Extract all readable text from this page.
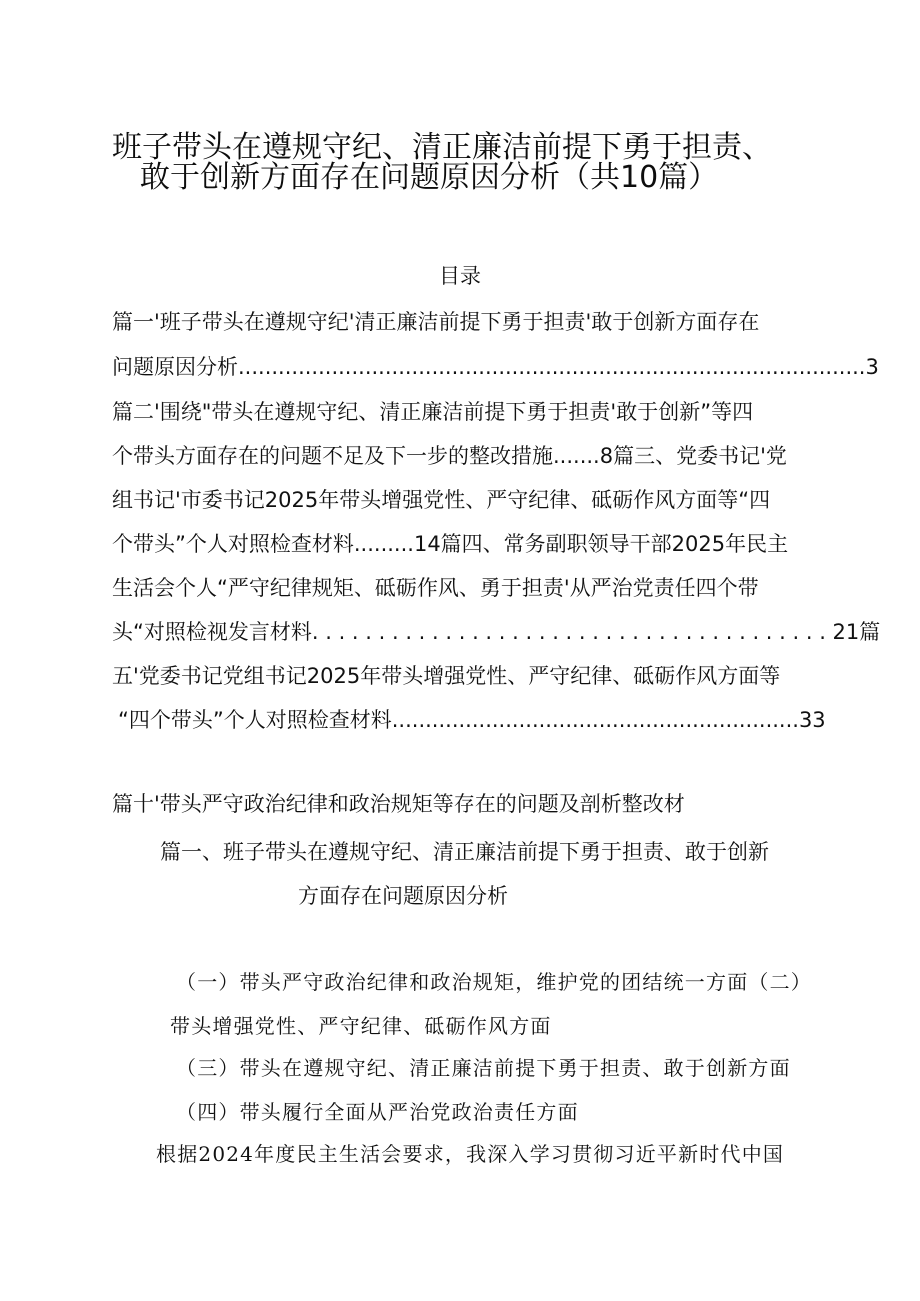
班子带头在遵规守纪、清正廉洁前提下勇于担责、
敢于创新方面存在问题原因分析（共10篇）
目录
篇一'班子带头在遵规守纪'清正廉洁前提下勇于担责'敢于创新方面存在
问题原因分析..............................................................................................3
篇二'围绕"带头在遵规守纪、清正廉洁前提下勇于担责'敢于创新”等四
个带头方面存在的问题不足及下一步的整改措施.......8篇三、党委书记'党
组书记'市委书记2025年带头增强党性、严守纪律、砥砺作风方面等“四
个带头”个人对照检查材料.........14篇四、常务副职领导干部2025年民主
生活会个人“严守纪律规矩、砥砺作风、勇于担责'从严治党责任四个带
头“对照检视发言材料. . . . . . . . . . . . . . . . . . . . . . . . . . . . . . . . . . . . . . . 21篇
五'党委书记党组书记2025年带头增强党性、严守纪律、砥砺作风方面等
“四个带头”个人对照检查材料.............................................................33
篇十'带头严守政治纪律和政治规矩等存在的问题及剖析整改材
篇一、班子带头在遵规守纪、清正廉洁前提下勇于担责、敢于创新
方面存在问题原因分析
（一）带头严守政治纪律和政治规矩，维护党的团结统一方面（二）
带头增强党性、严守纪律、砥砺作风方面
（三）带头在遵规守纪、清正廉洁前提下勇于担责、敢于创新方面
（四）带头履行全面从严治党政治责任方面
根据2024年度民主生活会要求，我深入学习贯彻习近平新时代中国
